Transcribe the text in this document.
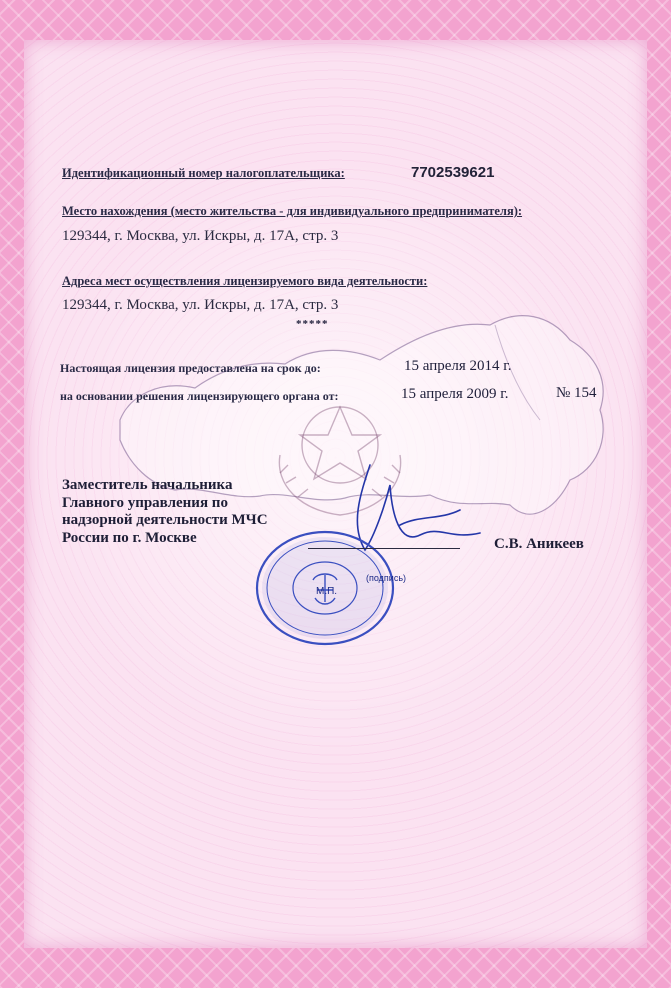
Идентификационный номер налогоплательщика:	7702539621
Место нахождения (место жительства - для индивидуального предпринимателя):
129344, г. Москва, ул. Искры, д. 17А, стр. 3
Адреса мест осуществления лицензируемого вида деятельности:
129344, г. Москва, ул. Искры, д. 17А, стр. 3
*****
Настоящая лицензия предоставлена на срок до:	15 апреля 2014 г.
на основании решения лицензирующего органа от:	15 апреля 2009 г.	№ 154
Заместитель начальника
Главного управления по
надзорной деятельности МЧС
России по г. Москве	С.В. Аникеев
(подпись)
М.П.
